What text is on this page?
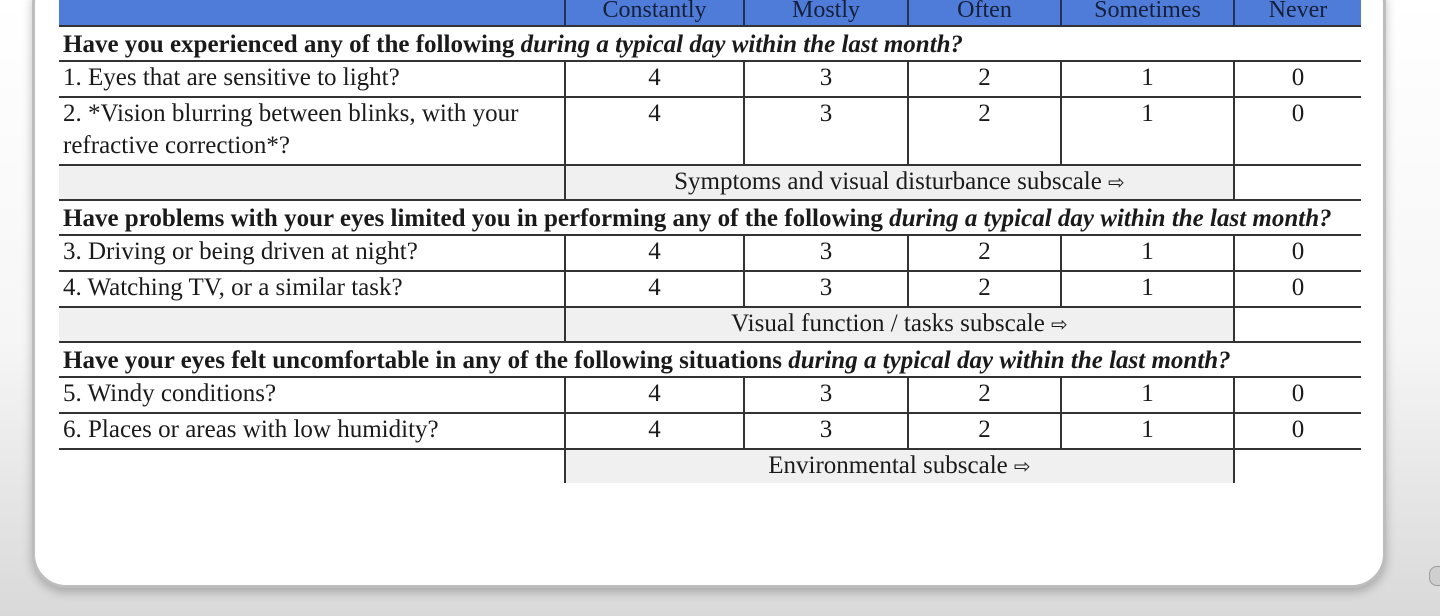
	Constantly	Mostly	Often	Sometimes	Never
Have you experienced any of the following during a typical day within the last month?					
1. Eyes that are sensitive to light?	4	3	2	1	0
2. *Vision blurring between blinks, with your refractive correction*?	4	3	2	1	0
	Symptoms and visual disturbance subscale ⇨				
Have problems with your eyes limited you in performing any of the following during a typical day within the last month?					
3. Driving or being driven at night?	4	3	2	1	0
4. Watching TV, or a similar task?	4	3	2	1	0
	Visual function / tasks subscale ⇨				
Have your eyes felt uncomfortable in any of the following situations during a typical day within the last month?					
5. Windy conditions?	4	3	2	1	0
6. Places or areas with low humidity?	4	3	2	1	0
	Environmental subscale ⇨				
